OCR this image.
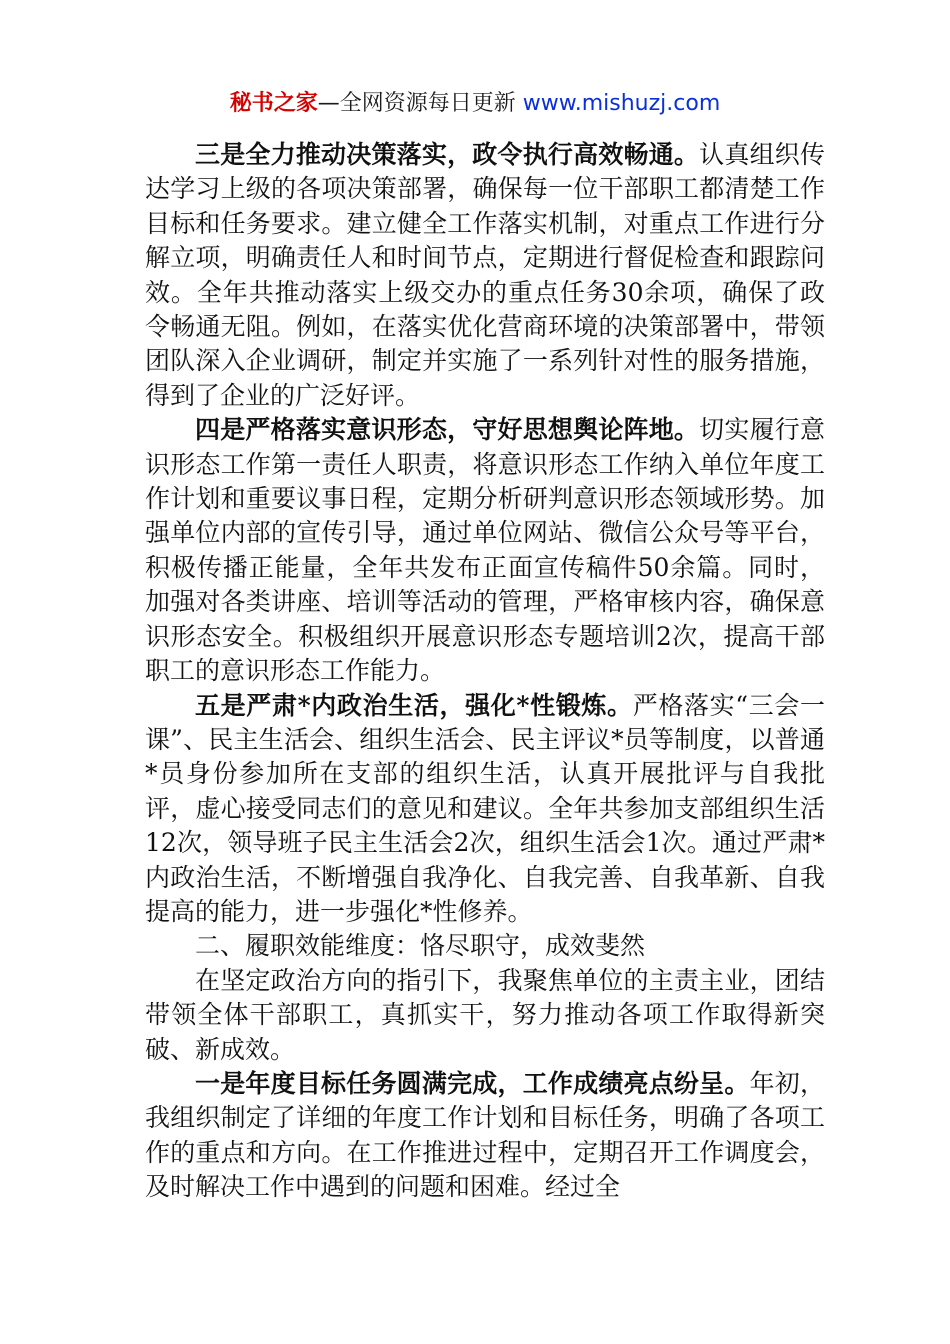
秘书之家—全网资源每日更新 www.mishuzj.com

三是全力推动决策落实，政令执行高效畅通。认真组织传达学习上级的各项决策部署，确保每一位干部职工都清楚工作目标和任务要求。建立健全工作落实机制，对重点工作进行分解立项，明确责任人和时间节点，定期进行督促检查和跟踪问效。全年共推动落实上级交办的重点任务30余项，确保了政令畅通无阻。例如，在落实优化营商环境的决策部署中，带领团队深入企业调研，制定并实施了一系列针对性的服务措施，得到了企业的广泛好评。

四是严格落实意识形态，守好思想舆论阵地。切实履行意识形态工作第一责任人职责，将意识形态工作纳入单位年度工作计划和重要议事日程，定期分析研判意识形态领域形势。加强单位内部的宣传引导，通过单位网站、微信公众号等平台，积极传播正能量，全年共发布正面宣传稿件50余篇。同时，加强对各类讲座、培训等活动的管理，严格审核内容，确保意识形态安全。积极组织开展意识形态专题培训2次，提高干部职工的意识形态工作能力。

五是严肃*内政治生活，强化*性锻炼。严格落实“三会一课”、民主生活会、组织生活会、民主评议*员等制度，以普通*员身份参加所在支部的组织生活，认真开展批评与自我批评，虚心接受同志们的意见和建议。全年共参加支部组织生活12次，领导班子民主生活会2次，组织生活会1次。通过严肃*内政治生活，不断增强自我净化、自我完善、自我革新、自我提高的能力，进一步强化*性修养。

二、履职效能维度：恪尽职守，成效斐然

在坚定政治方向的指引下，我聚焦单位的主责主业，团结带领全体干部职工，真抓实干，努力推动各项工作取得新突破、新成效。

一是年度目标任务圆满完成，工作成绩亮点纷呈。年初，我组织制定了详细的年度工作计划和目标任务，明确了各项工作的重点和方向。在工作推进过程中，定期召开工作调度会，及时解决工作中遇到的问题和困难。经过全
